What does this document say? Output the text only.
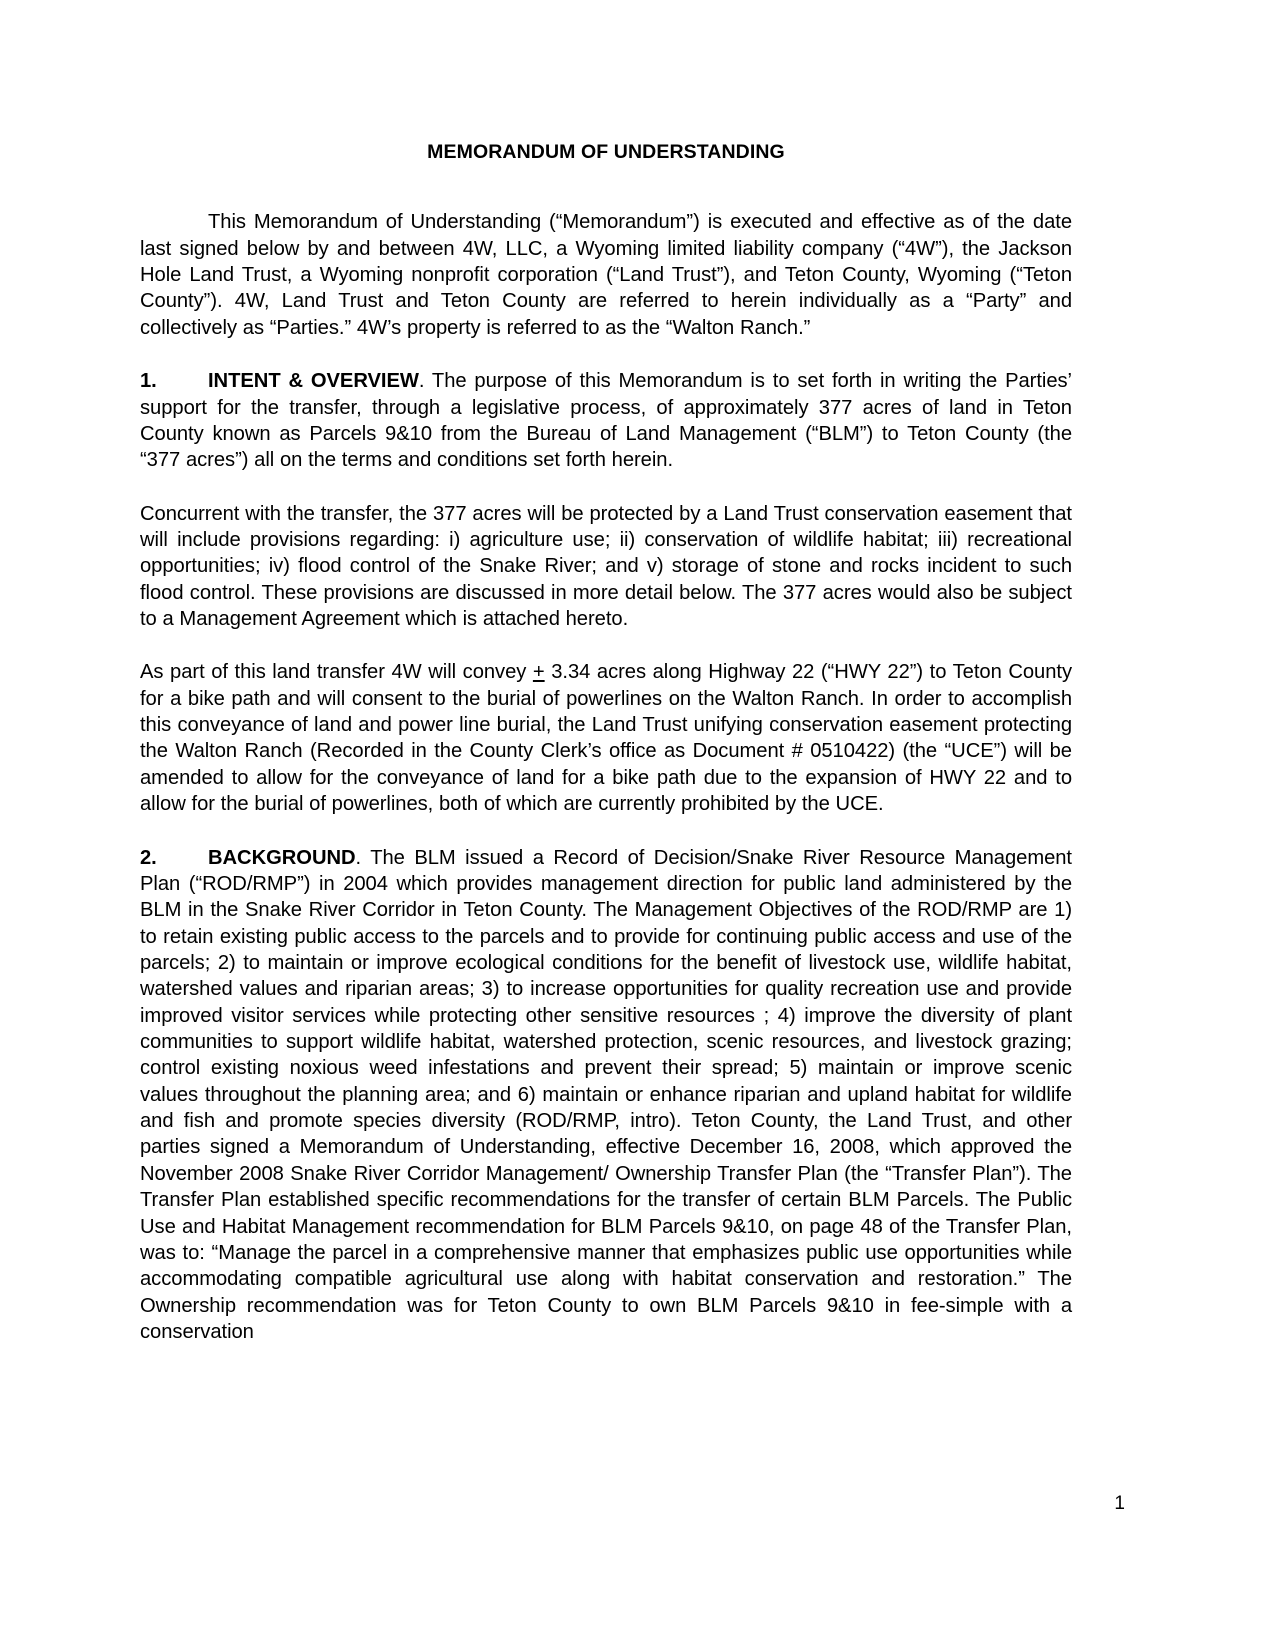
MEMORANDUM OF UNDERSTANDING

This Memorandum of Understanding (“Memorandum”) is executed and effective as of the date last signed below by and between 4W, LLC, a Wyoming limited liability company (“4W”), the Jackson Hole Land Trust, a Wyoming nonprofit corporation (“Land Trust”), and Teton County, Wyoming (“Teton County”). 4W, Land Trust and Teton County are referred to herein individually as a “Party” and collectively as “Parties.” 4W’s property is referred to as the “Walton Ranch.”

1.	INTENT & OVERVIEW. The purpose of this Memorandum is to set forth in writing the Parties’ support for the transfer, through a legislative process, of approximately 377 acres of land in Teton County known as Parcels 9&10 from the Bureau of Land Management (“BLM”) to Teton County (the “377 acres”) all on the terms and conditions set forth herein.

Concurrent with the transfer, the 377 acres will be protected by a Land Trust conservation easement that will include provisions regarding: i) agriculture use; ii) conservation of wildlife habitat; iii) recreational opportunities; iv) flood control of the Snake River; and v) storage of stone and rocks incident to such flood control. These provisions are discussed in more detail below. The 377 acres would also be subject to a Management Agreement which is attached hereto.

As part of this land transfer 4W will convey + 3.34 acres along Highway 22 (“HWY 22”) to Teton County for a bike path and will consent to the burial of powerlines on the Walton Ranch. In order to accomplish this conveyance of land and power line burial, the Land Trust unifying conservation easement protecting the Walton Ranch (Recorded in the County Clerk’s office as Document # 0510422) (the “UCE”) will be amended to allow for the conveyance of land for a bike path due to the expansion of HWY 22 and to allow for the burial of powerlines, both of which are currently prohibited by the UCE.

2.	BACKGROUND. The BLM issued a Record of Decision/Snake River Resource Management Plan (“ROD/RMP”) in 2004 which provides management direction for public land administered by the BLM in the Snake River Corridor in Teton County. The Management Objectives of the ROD/RMP are 1) to retain existing public access to the parcels and to provide for continuing public access and use of the parcels; 2) to maintain or improve ecological conditions for the benefit of livestock use, wildlife habitat, watershed values and riparian areas; 3) to increase opportunities for quality recreation use and provide improved visitor services while protecting other sensitive resources ; 4) improve the diversity of plant communities to support wildlife habitat, watershed protection, scenic resources, and livestock grazing; control existing noxious weed infestations and prevent their spread; 5) maintain or improve scenic values throughout the planning area; and 6) maintain or enhance riparian and upland habitat for wildlife and fish and promote species diversity (ROD/RMP, intro). Teton County, the Land Trust, and other parties signed a Memorandum of Understanding, effective December 16, 2008, which approved the November 2008 Snake River Corridor Management/ Ownership Transfer Plan (the “Transfer Plan”). The Transfer Plan established specific recommendations for the transfer of certain BLM Parcels. The Public Use and Habitat Management recommendation for BLM Parcels 9&10, on page 48 of the Transfer Plan, was to: “Manage the parcel in a comprehensive manner that emphasizes public use opportunities while accommodating compatible agricultural use along with habitat conservation and restoration.” The Ownership recommendation was for Teton County to own BLM Parcels 9&10 in fee-simple with a conservation

1
